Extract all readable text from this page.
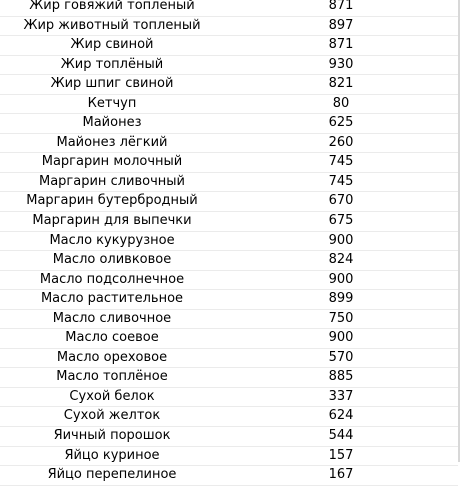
Жир говяжий топленый	871
Жир животный топленый	897
Жир свиной	871
Жир топлёный	930
Жир шпиг свиной	821
Кетчуп	80
Майонез	625
Майонез лёгкий	260
Маргарин молочный	745
Маргарин сливочный	745
Маргарин бутербродный	670
Маргарин для выпечки	675
Масло кукурузное	900
Масло оливковое	824
Масло подсолнечное	900
Масло растительное	899
Масло сливочное	750
Масло соевое	900
Масло ореховое	570
Масло топлёное	885
Сухой белок	337
Сухой желток	624
Яичный порошок	544
Яйцо куриное	157
Яйцо перепелиное	167
